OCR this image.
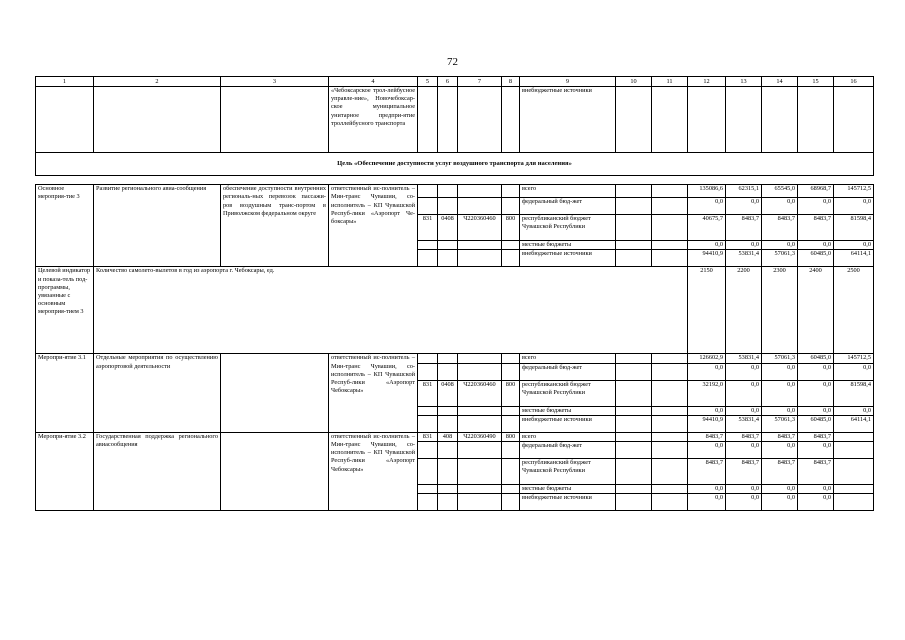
72
1	2	3	4	5	6	7	8	9	10	11	12	13	14	15	16
			«Чебоксарское трол-лейбусное управле-ние», Новочебоксар-ское муниципальное унитарное предпри-ятие троллейбусного транспорта					внебюджетные источники							
Цель «Обеспечение доступности услуг воздушного транспорта для населения»															

Основное мероприя-тие 3	Развитие регионального авиа-сообщения	обеспечение доступности внутренних региональ-ных перевозок пассажи-ров воздушным транс-портом в Приволжском федеральном округе	ответственный ис-полнитель – Мин-транс Чувашии, со-исполнитель – КП Чувашской Респуб-лики «Аэропорт Че-боксары»					всего			135086,6	62315,1	65545,0	68968,7	145712,5
								федеральный бюд-жет			0,0	0,0	0,0	0,0	0,0
				831	0408	Ч220360460	800	республиканский бюджет Чувашской Республики			40675,7	8483,7	8483,7	8483,7	81598,4
								местные бюджеты			0,0	0,0	0,0	0,0	0,0
								внебюджетные источники			94410,9	53831,4	57061,3	60485,0	64114,1
Целевой индикатор и показа-тель под-программы, увязанные с основным мероприя-тием 3	Количество самолето-вылетов в год из аэропорта г. Чебоксары, ед.										2150	2200	2300	2400	2500
Меропри-ятие 3.1	Отдельные мероприятия по осуществлению аэропортовой деятельности		ответственный ис-полнитель – Мин-транс Чувашии, со-исполнитель – КП Чувашской Респуб-лики «Аэропорт Чебоксары»					всего			126602,9	53831,4	57061,3	60485,0	145712,5
								федеральный бюд-жет			0,0	0,0	0,0	0,0	0,0
				831	0408	Ч220360460	800	республиканский бюджет Чувашской Республики			32192,0	0,0	0,0	0,0	81598,4
								местные бюджеты			0,0	0,0	0,0	0,0	0,0
								внебюджетные источники			94410,9	53831,4	57061,3	60485,0	64114,1
Меропри-ятие 3.2	Государственная поддержка регионального авиасообщения		ответственный ис-полнитель – Мин-транс Чувашии, со-исполнитель – КП Чувашской Респуб-лики «Аэропорт Чебоксары»	831	408	Ч220360490	800	всего			8483,7	8483,7	8483,7	8483,7	
								федеральный бюд-жет			0,0	0,0	0,0	0,0	
								республиканский бюджет Чувашской Республики			8483,7	8483,7	8483,7	8483,7	
								местные бюджеты			0,0	0,0	0,0	0,0	
								внебюджетные источники			0,0	0,0	0,0	0,0	
